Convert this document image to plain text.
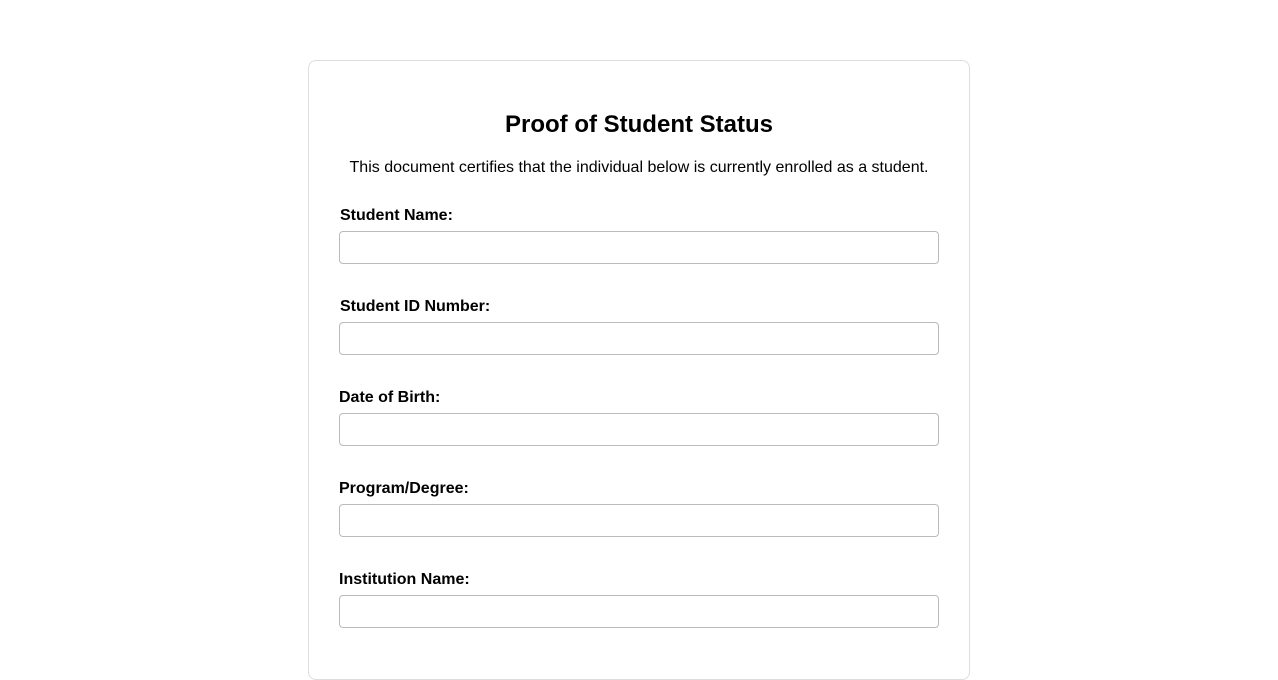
Proof of Student Status

This document certifies that the individual below is currently enrolled as a student.

Student Name:
Student ID Number:
Date of Birth:
Program/Degree:
Institution Name:
